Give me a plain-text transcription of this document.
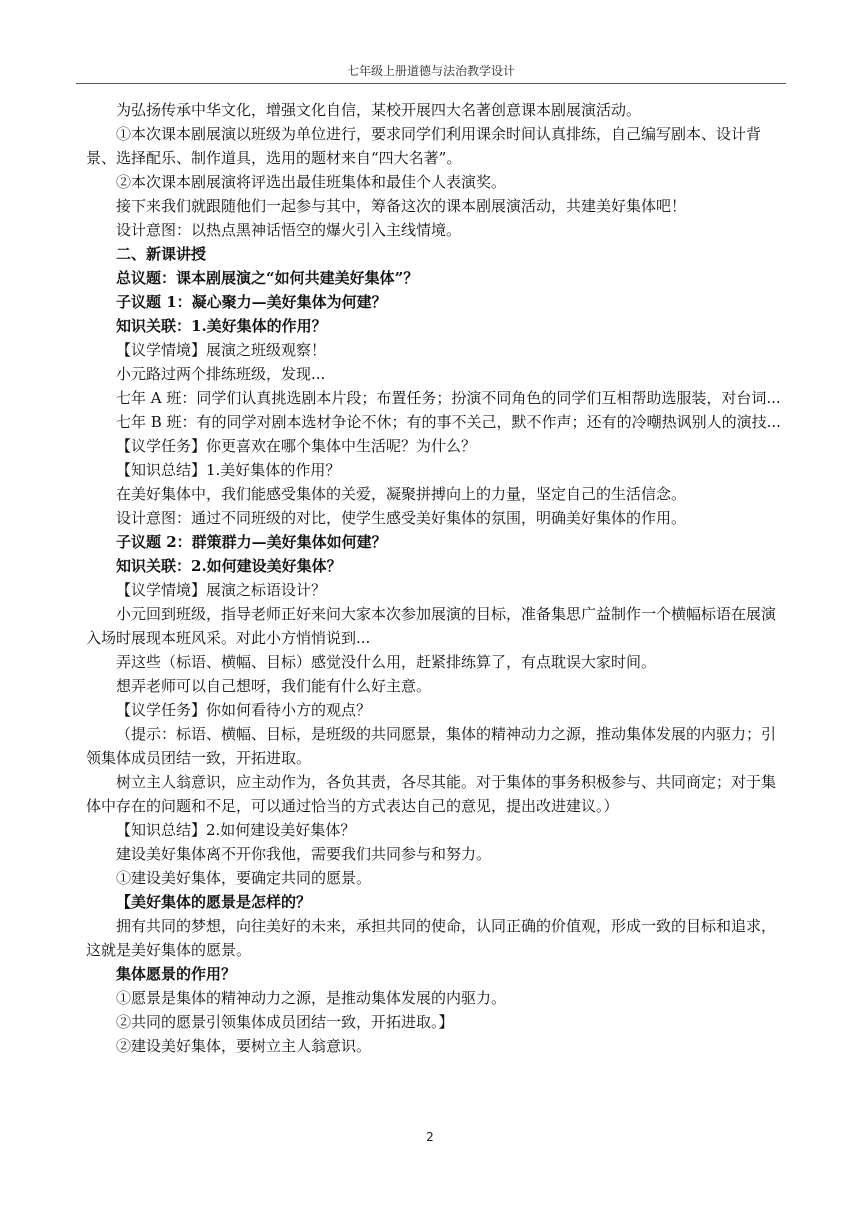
七年级上册道德与法治教学设计
为弘扬传承中华文化，增强文化自信，某校开展四大名著创意课本剧展演活动。
①本次课本剧展演以班级为单位进行，要求同学们利用课余时间认真排练，自己编写剧本、设计背景、选择配乐、制作道具，选用的题材来自“四大名著”。
②本次课本剧展演将评选出最佳班集体和最佳个人表演奖。
接下来我们就跟随他们一起参与其中，筹备这次的课本剧展演活动，共建美好集体吧！
设计意图：以热点黑神话悟空的爆火引入主线情境。
二、新课讲授
总议题：课本剧展演之“如何共建美好集体”？
子议题 1：凝心聚力—美好集体为何建？
知识关联：1.美好集体的作用？
【议学情境】展演之班级观察！
小元路过两个排练班级，发现...
七年 A 班：同学们认真挑选剧本片段；布置任务；扮演不同角色的同学们互相帮助选服装，对台词...
七年 B 班：有的同学对剧本选材争论不休；有的事不关己，默不作声；还有的冷嘲热讽别人的演技...
【议学任务】你更喜欢在哪个集体中生活呢？为什么？
【知识总结】1.美好集体的作用？
在美好集体中，我们能感受集体的关爱，凝聚拼搏向上的力量，坚定自己的生活信念。
设计意图：通过不同班级的对比，使学生感受美好集体的氛围，明确美好集体的作用。
子议题 2：群策群力—美好集体如何建？
知识关联：2.如何建设美好集体？
【议学情境】展演之标语设计？
小元回到班级，指导老师正好来问大家本次参加展演的目标，准备集思广益制作一个横幅标语在展演入场时展现本班风采。对此小方悄悄说到...
弄这些（标语、横幅、目标）感觉没什么用，赶紧排练算了，有点耽误大家时间。
想弄老师可以自己想呀，我们能有什么好主意。
【议学任务】你如何看待小方的观点？
（提示：标语、横幅、目标，是班级的共同愿景，集体的精神动力之源，推动集体发展的内驱力；引领集体成员团结一致，开拓进取。
树立主人翁意识，应主动作为，各负其责，各尽其能。对于集体的事务积极参与、共同商定；对于集体中存在的问题和不足，可以通过恰当的方式表达自己的意见，提出改进建议。）
【知识总结】2.如何建设美好集体？
建设美好集体离不开你我他，需要我们共同参与和努力。
①建设美好集体，要确定共同的愿景。
【美好集体的愿景是怎样的？
拥有共同的梦想，向往美好的未来，承担共同的使命，认同正确的价值观，形成一致的目标和追求，这就是美好集体的愿景。
集体愿景的作用？
①愿景是集体的精神动力之源，是推动集体发展的内驱力。
②共同的愿景引领集体成员团结一致，开拓进取。】
②建设美好集体，要树立主人翁意识。
2
